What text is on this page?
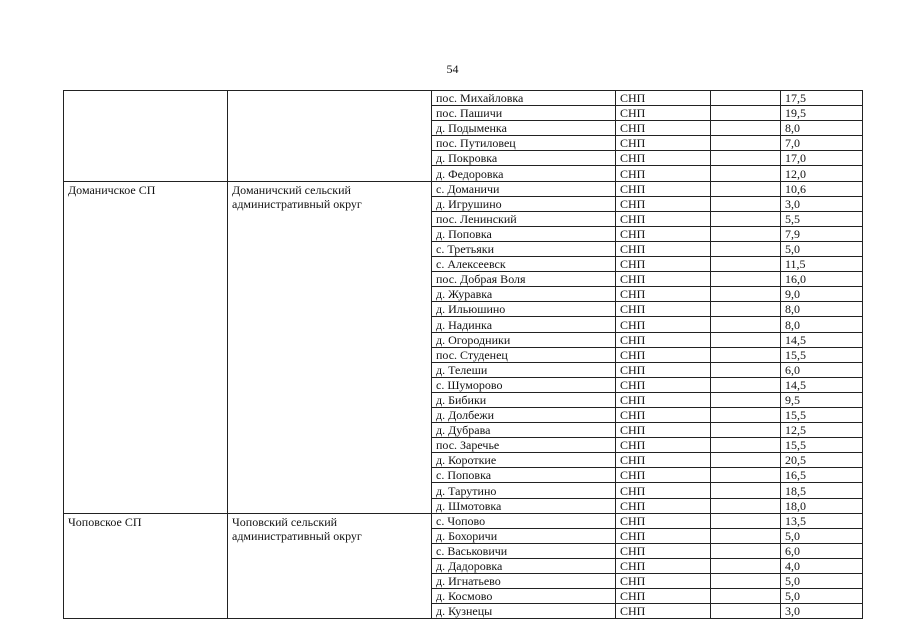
54
		пос. Михайловка	СНП		17,5
		пос. Пашичи	СНП		19,5
		д. Подыменка	СНП		8,0
		пос. Путиловец	СНП		7,0
		д. Покровка	СНП		17,0
		д. Федоровка	СНП		12,0
Доманичское СП	Доманичский сельский административный округ	с. Доманичи	СНП		10,6
		д. Игрушино	СНП		3,0
		пос. Ленинский	СНП		5,5
		д. Поповка	СНП		7,9
		с. Третьяки	СНП		5,0
		с. Алексеевск	СНП		11,5
		пос. Добрая Воля	СНП		16,0
		д. Журавка	СНП		9,0
		д. Ильюшино	СНП		8,0
		д. Надинка	СНП		8,0
		д. Огородники	СНП		14,5
		пос. Студенец	СНП		15,5
		д. Телеши	СНП		6,0
		с. Шуморово	СНП		14,5
		д. Бибики	СНП		9,5
		д. Долбежи	СНП		15,5
		д. Дубрава	СНП		12,5
		пос. Заречье	СНП		15,5
		д. Короткие	СНП		20,5
		с. Поповка	СНП		16,5
		д. Тарутино	СНП		18,5
		д. Шмотовка	СНП		18,0
Чоповское СП	Чоповский сельский административный округ	с. Чопово	СНП		13,5
		д. Бохоричи	СНП		5,0
		с. Васьковичи	СНП		6,0
		д. Дадоровка	СНП		4,0
		д. Игнатьево	СНП		5,0
		д. Космово	СНП		5,0
		д. Кузнецы	СНП		3,0
